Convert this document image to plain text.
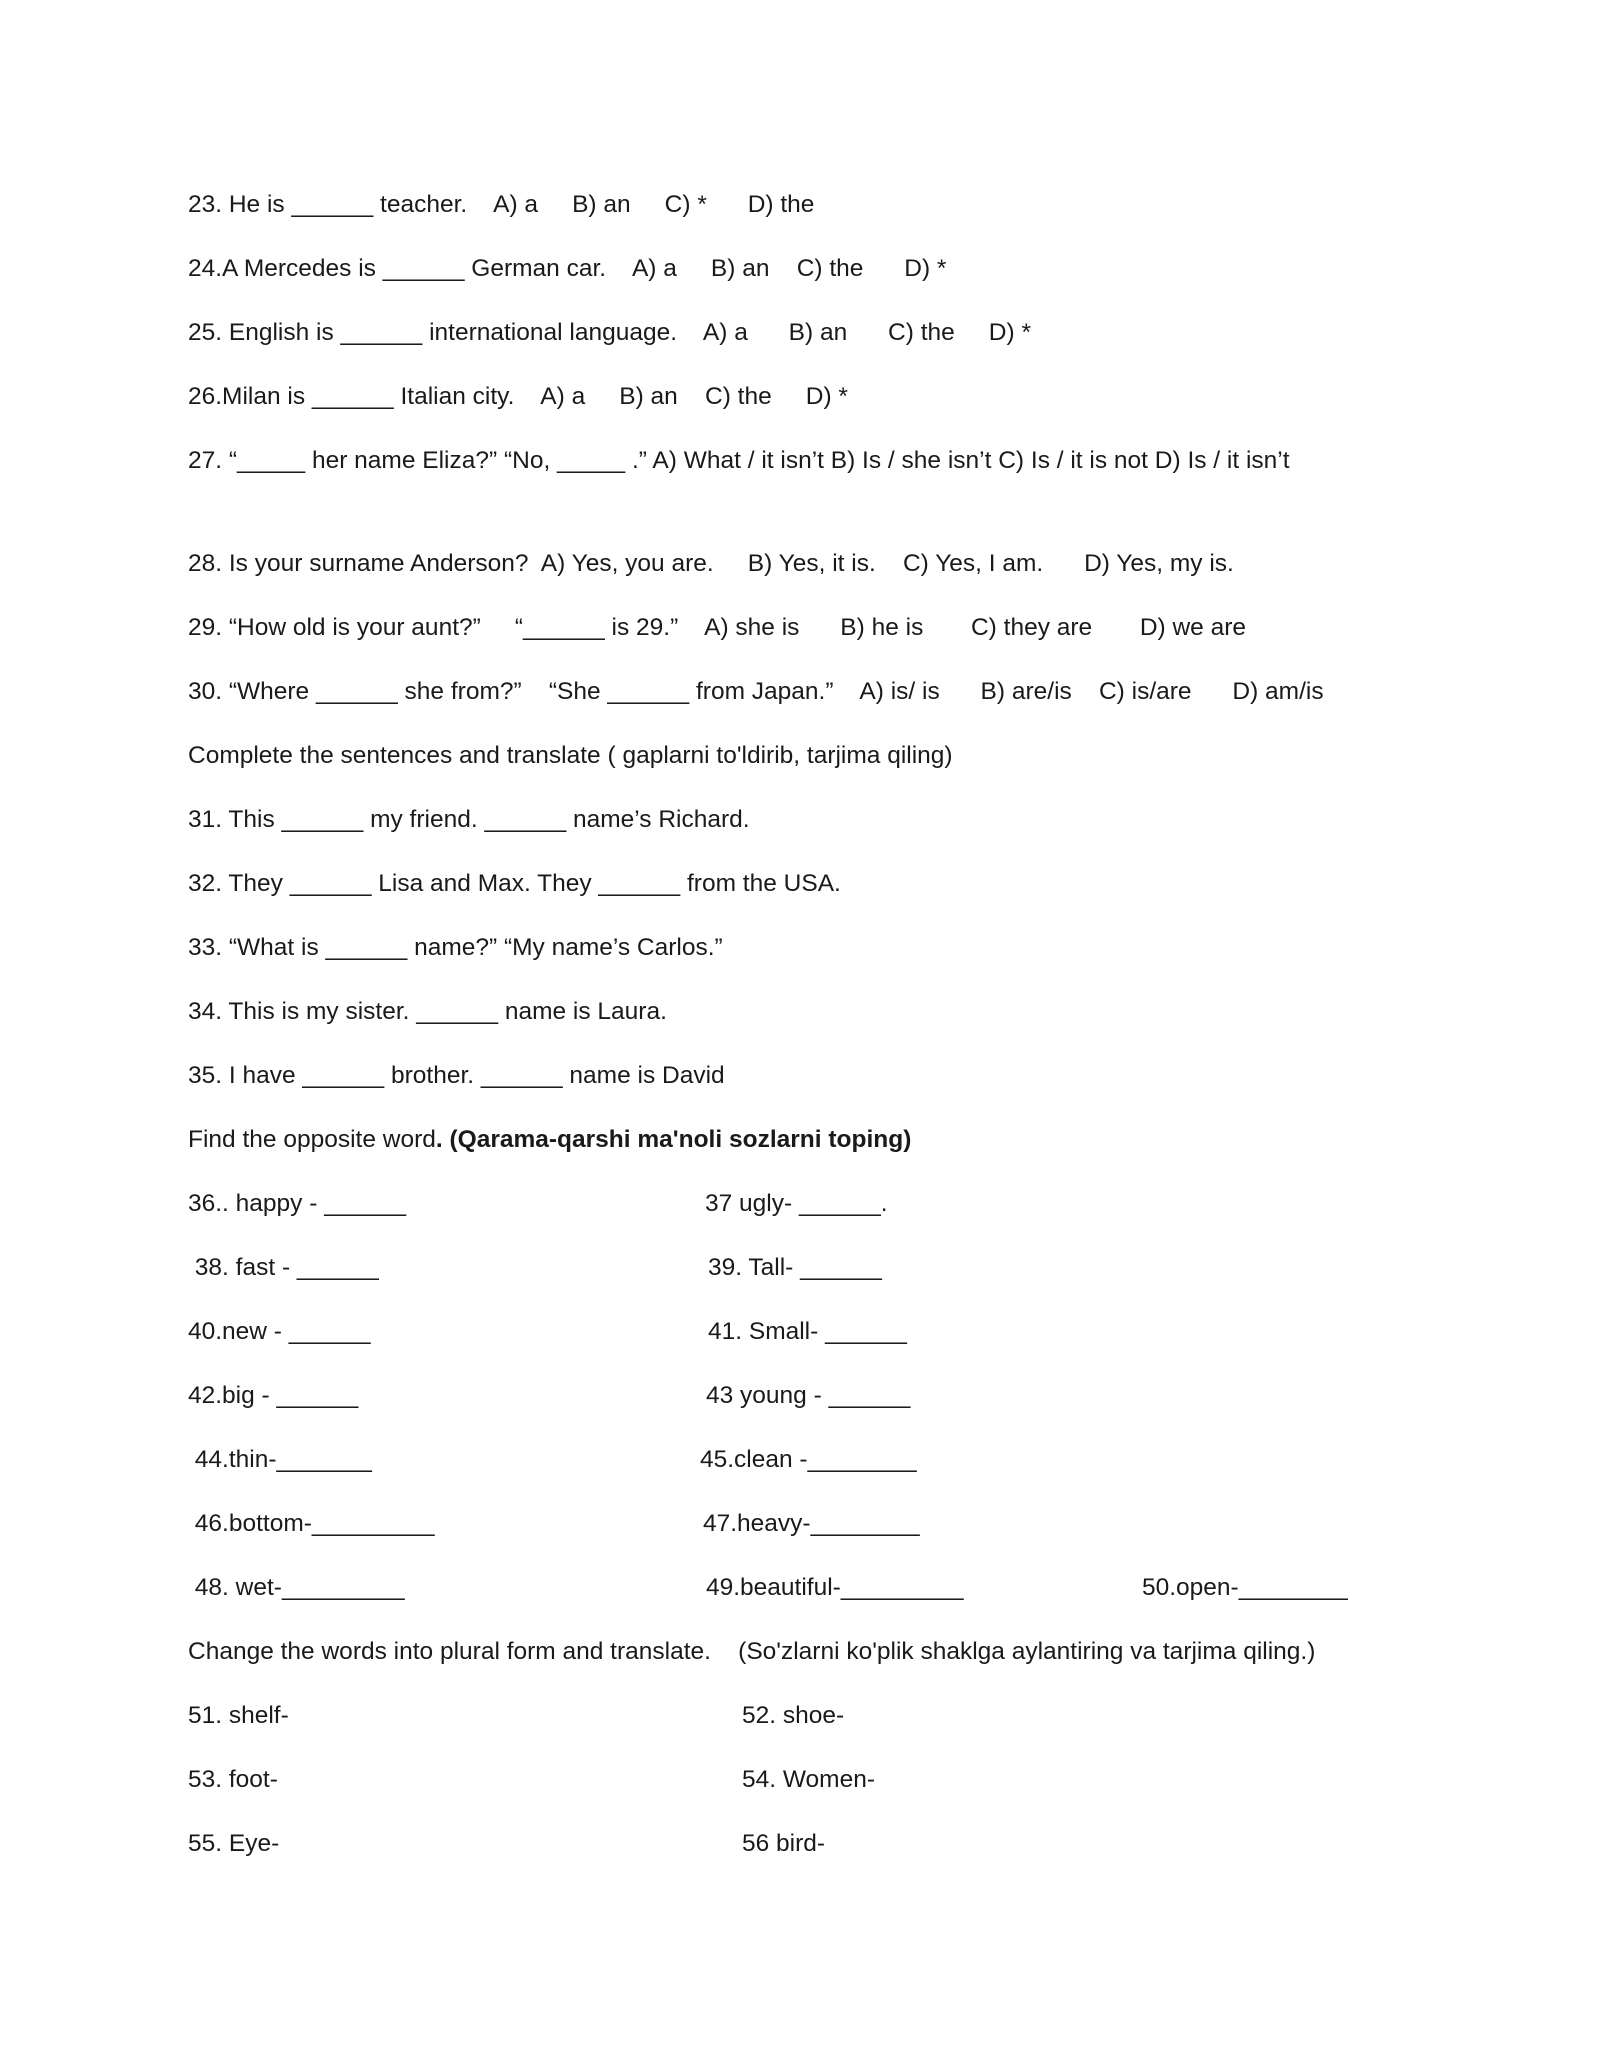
23. He is ______ teacher.    A) a     B) an     C) *      D) the
24.A Mercedes is ______ German car.    A) a     B) an    C) the      D) *
25. English is ______ international language.    A) a      B) an      C) the     D) *
26.Milan is ______ Italian city.    A) a     B) an    C) the     D) *
27. “_____ her name Eliza?” “No, _____ .” A) What / it isn’t B) Is / she isn’t C) Is / it is not D) Is / it isn’t
28. Is your surname Anderson?  A) Yes, you are.     B) Yes, it is.    C) Yes, I am.      D) Yes, my is.
29. “How old is your aunt?”     “______ is 29.”    A) she is      B) he is       C) they are       D) we are
30. “Where ______ she from?”    “She ______ from Japan.”    A) is/ is      B) are/is    C) is/are      D) am/is
Complete the sentences and translate ( gaplarni to'ldirib, tarjima qiling)
31. This ______ my friend. ______ name’s Richard.
32. They ______ Lisa and Max. They ______ from the USA.
33. “What is ______ name?” “My name’s Carlos.”
34. This is my sister. ______ name is Laura.
35. I have ______ brother. ______ name is David
Find the opposite word. (Qarama-qarshi ma'noli sozlarni toping)
36.. happy - ______	37 ugly- ______.
38. fast - ______	39. Tall- ______
40.new - ______	41. Small- ______
42.big - ______	43 young - ______
44.thin-_______	45.clean -________
46.bottom-_________	47.heavy-________
48. wet-_________	49.beautiful-_________	50.open-________
Change the words into plural form and translate.    (So'zlarni ko'plik shaklga aylantiring va tarjima qiling.)
51. shelf-	52. shoe-
53. foot-	54. Women-
55. Eye-	56 bird-
